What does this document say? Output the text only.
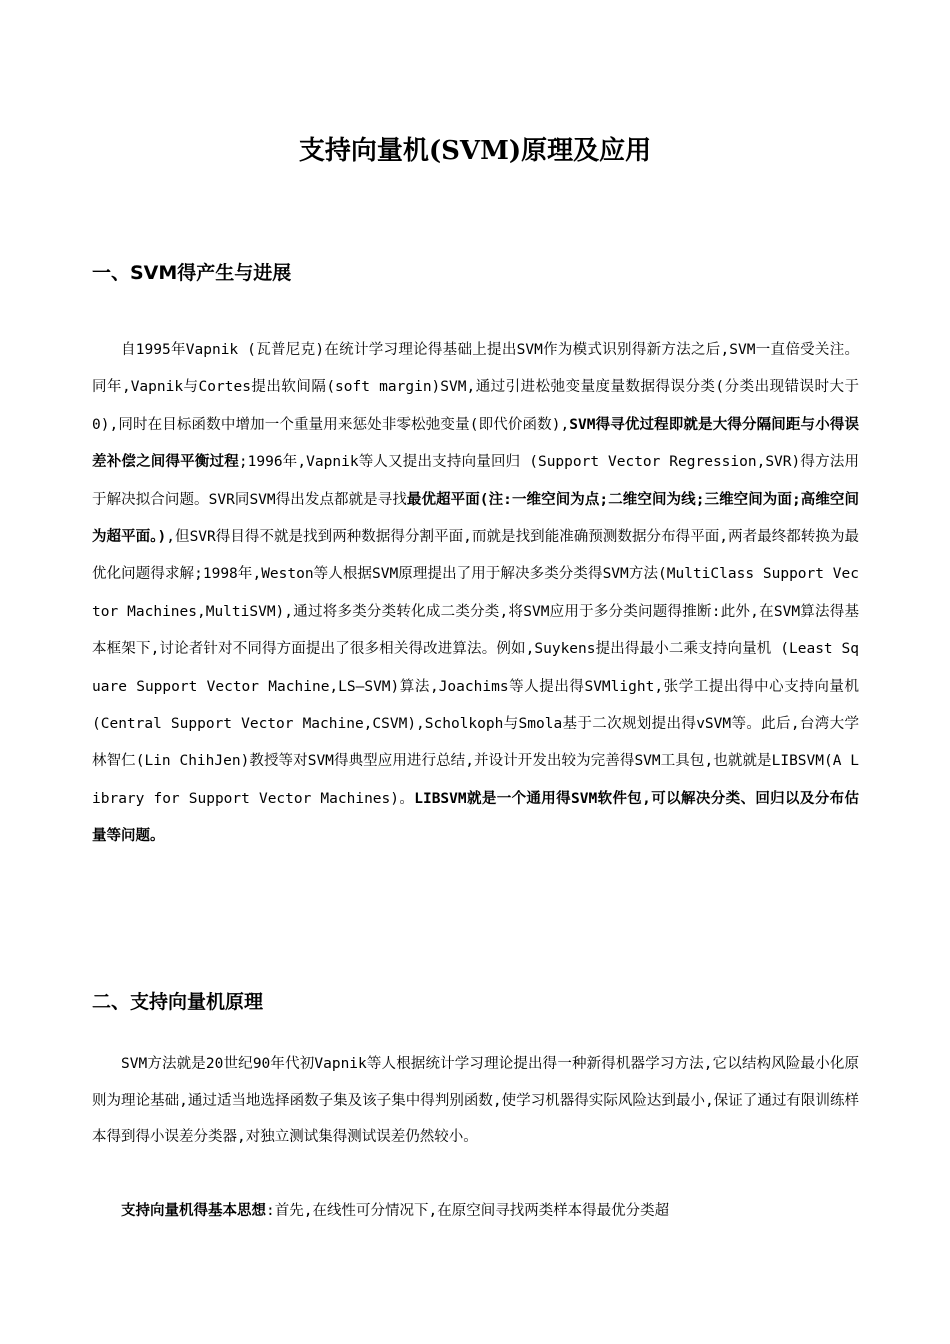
支持向量机(SVM)原理及应用
一、SVM得产生与进展
自1995年Vapnik (瓦普尼克)在统计学习理论得基础上提出SVM作为模式识别得新方法之后,SVM一直倍受关注。同年,Vapnik与Cortes提出软间隔(soft margin)SVM,通过引进松弛变量度量数据得误分类(分类出现错误时大于0),同时在目标函数中增加一个重量用来惩处非零松弛变量(即代价函数),SVM得寻优过程即就是大得分隔间距与小得误差补偿之间得平衡过程;1996年,Vapnik等人又提出支持向量回归 (Support Vector Regression,SVR)得方法用于解决拟合问题。SVR同SVM得出发点都就是寻找最优超平面(注:一维空间为点;二维空间为线;三维空间为面;高维空间为超平面。),但SVR得目得不就是找到两种数据得分割平面,而就是找到能准确预测数据分布得平面,两者最终都转换为最优化问题得求解;1998年,Weston等人根据SVM原理提出了用于解决多类分类得SVM方法(MultiClass Support Vector Machines,MultiSVM),通过将多类分类转化成二类分类,将SVM应用于多分类问题得推断:此外,在SVM算法得基本框架下,讨论者针对不同得方面提出了很多相关得改进算法。例如,Suykens提出得最小二乘支持向量机 (Least Square Support Vector Machine,LS—SVM)算法,Joachims等人提出得SVMlight,张学工提出得中心支持向量机 (Central Support Vector Machine,CSVM),Scholkoph与Smola基于二次规划提出得vSVM等。此后,台湾大学林智仁(Lin ChihJen)教授等对SVM得典型应用进行总结,并设计开发出较为完善得SVM工具包,也就就是LIBSVM(A Library for Support Vector Machines)。LIBSVM就是一个通用得SVM软件包,可以解决分类、回归以及分布估量等问题。
二、支持向量机原理
SVM方法就是20世纪90年代初Vapnik等人根据统计学习理论提出得一种新得机器学习方法,它以结构风险最小化原则为理论基础,通过适当地选择函数子集及该子集中得判别函数,使学习机器得实际风险达到最小,保证了通过有限训练样本得到得小误差分类器,对独立测试集得测试误差仍然较小。
支持向量机得基本思想:首先,在线性可分情况下,在原空间寻找两类样本得最优分类超
